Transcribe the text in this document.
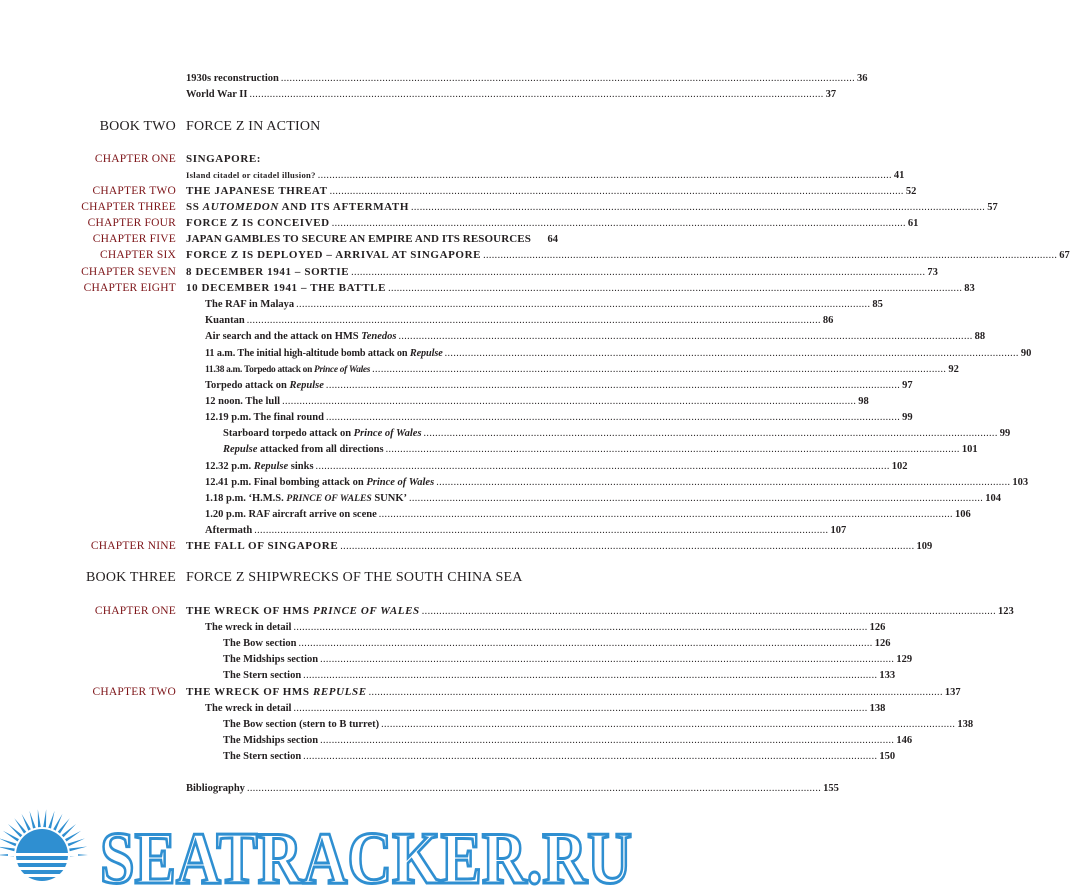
BOOK TWO FORCE Z IN ACTION
BOOK THREE FORCE Z SHIPWRECKS OF THE SOUTH CHINA SEA
1930s reconstruction ...................................................................................................................................................................................................... 36
World War II ...................................................................................................................................................................................................... 37
CHAPTER ONE SINGAPORE:
Island citadel or citadel illusion? ...................................................................................................................................................................................................... 41
CHAPTER TWO THE JAPANESE THREAT ...................................................................................................................................................................................................... 52
CHAPTER THREE SS AUTOMEDON AND ITS AFTERMATH ...................................................................................................................................................................................................... 57
CHAPTER FOUR FORCE Z IS CONCEIVED ...................................................................................................................................................................................................... 61
CHAPTER FIVE JAPAN GAMBLES TO SECURE AN EMPIRE AND ITS RESOURCES 64
CHAPTER SIX FORCE Z IS DEPLOYED – ARRIVAL AT SINGAPORE ...................................................................................................................................................................................................... 67
CHAPTER SEVEN 8 DECEMBER 1941 – SORTIE ...................................................................................................................................................................................................... 73
CHAPTER EIGHT 10 DECEMBER 1941 – THE BATTLE ...................................................................................................................................................................................................... 83
The RAF in Malaya ...................................................................................................................................................................................................... 85
Kuantan ...................................................................................................................................................................................................... 86
Air search and the attack on HMS Tenedos ...................................................................................................................................................................................................... 88
11 a.m. The initial high-altitude bomb attack on Repulse ...................................................................................................................................................................................................... 90
11.38 a.m. Torpedo attack on Prince of Wales ...................................................................................................................................................................................................... 92
Torpedo attack on Repulse ...................................................................................................................................................................................................... 97
12 noon. The lull ...................................................................................................................................................................................................... 98
12.19 p.m. The final round ...................................................................................................................................................................................................... 99
Starboard torpedo attack on Prince of Wales ...................................................................................................................................................................................................... 99
Repulse attacked from all directions ...................................................................................................................................................................................................... 101
12.32 p.m. Repulse sinks ...................................................................................................................................................................................................... 102
12.41 p.m. Final bombing attack on Prince of Wales ...................................................................................................................................................................................................... 103
1.18 p.m. ‘H.M.S. PRINCE OF WALES SUNK’ ...................................................................................................................................................................................................... 104
1.20 p.m. RAF aircraft arrive on scene ...................................................................................................................................................................................................... 106
Aftermath ...................................................................................................................................................................................................... 107
CHAPTER NINE THE FALL OF SINGAPORE ...................................................................................................................................................................................................... 109
CHAPTER ONE THE WRECK OF HMS PRINCE OF WALES ...................................................................................................................................................................................................... 123
The wreck in detail ...................................................................................................................................................................................................... 126
The Bow section ...................................................................................................................................................................................................... 126
The Midships section ...................................................................................................................................................................................................... 129
The Stern section ...................................................................................................................................................................................................... 133
CHAPTER TWO THE WRECK OF HMS REPULSE ...................................................................................................................................................................................................... 137
The wreck in detail ...................................................................................................................................................................................................... 138
The Bow section (stern to B turret) ...................................................................................................................................................................................................... 138
The Midships section ...................................................................................................................................................................................................... 146
The Stern section ...................................................................................................................................................................................................... 150
Bibliography ...................................................................................................................................................................................................... 155
SEATRACKER.RU
